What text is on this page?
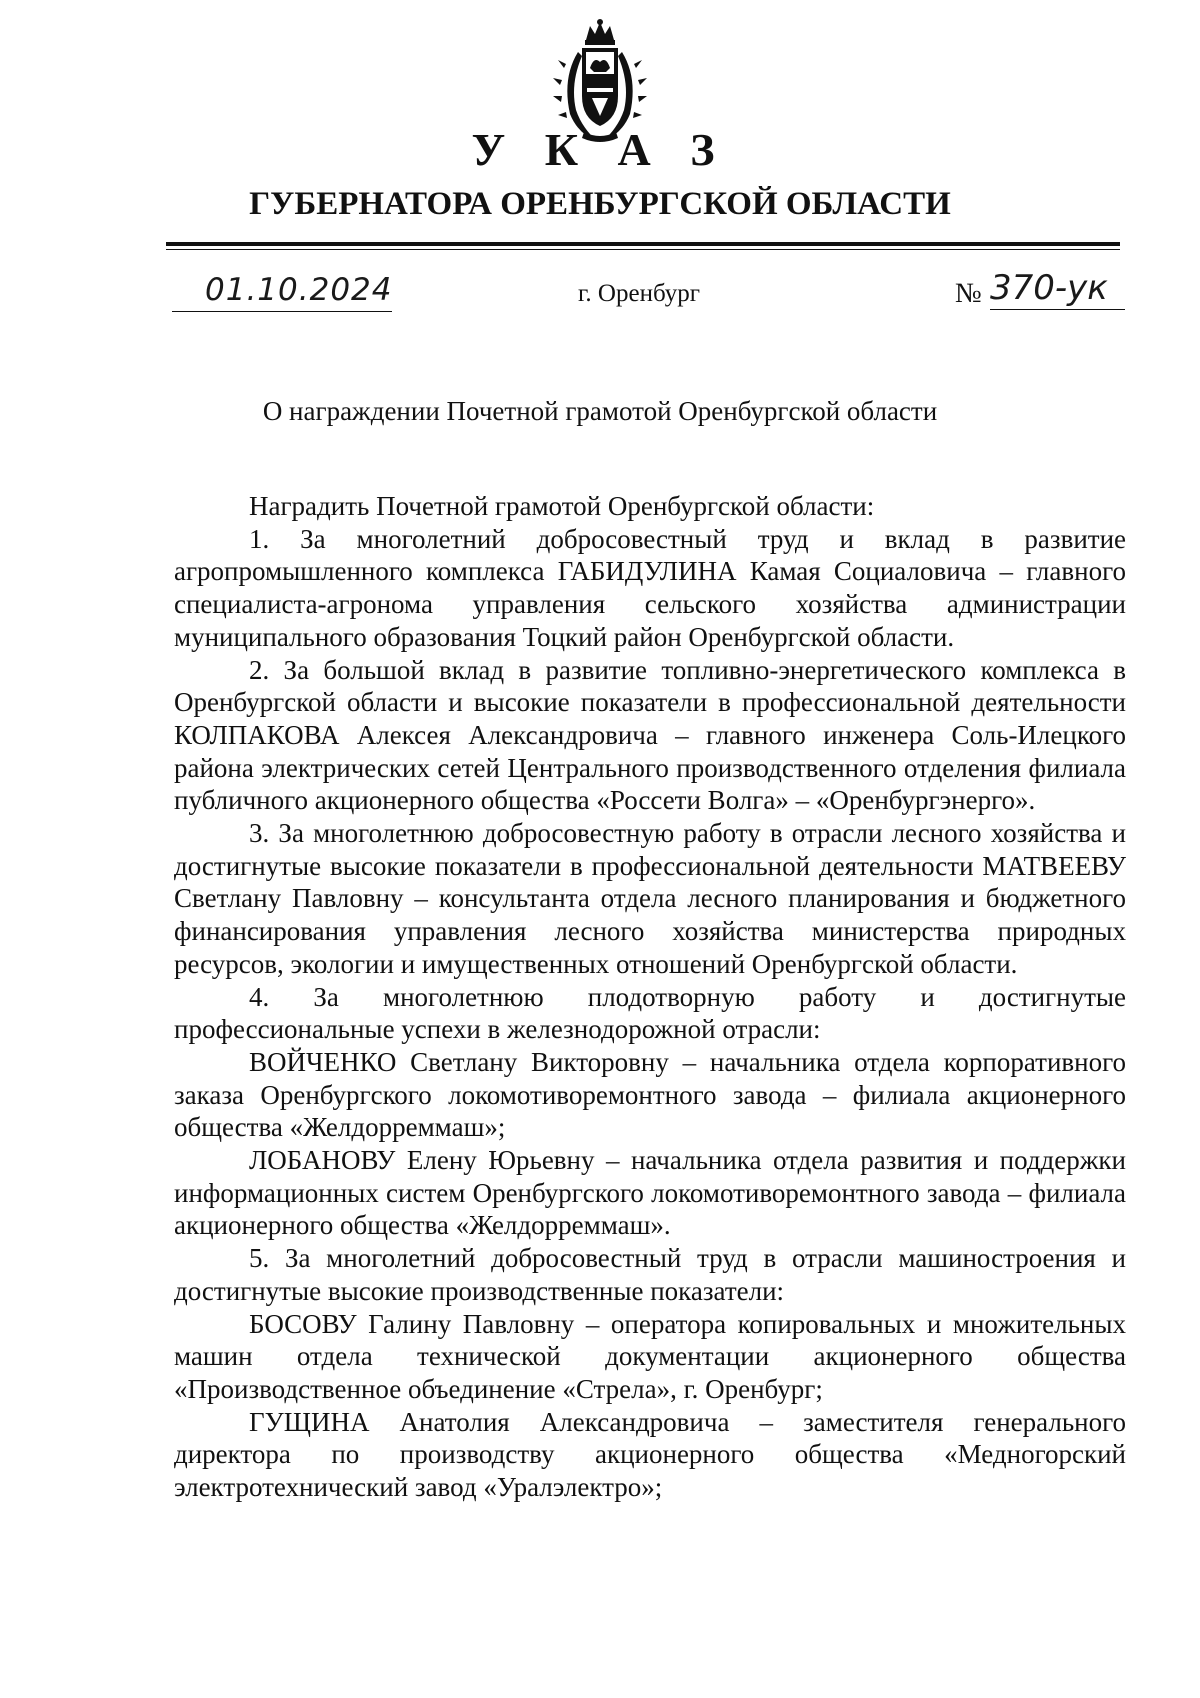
У К А З
ГУБЕРНАТОРА ОРЕНБУРГСКОЙ ОБЛАСТИ
01.10.2024	г. Оренбург	№ 370-ук
О награждении Почетной грамотой Оренбургской области

Наградить Почетной грамотой Оренбургской области:

1. За многолетний добросовестный труд и вклад в развитие агропромышленного комплекса ГАБИДУЛИНА Камая Социаловича – главного специалиста-агронома управления сельского хозяйства администрации муниципального образования Тоцкий район Оренбургской области.

2. За большой вклад в развитие топливно-энергетического комплекса в Оренбургской области и высокие показатели в профессиональной деятельности КОЛПАКОВА Алексея Александровича – главного инженера Соль-Илецкого района электрических сетей Центрального производственного отделения филиала публичного акционерного общества «Россети Волга» – «Оренбургэнерго».

3. За многолетнюю добросовестную работу в отрасли лесного хозяйства и достигнутые высокие показатели в профессиональной деятельности МАТВЕЕВУ Светлану Павловну – консультанта отдела лесного планирования и бюджетного финансирования управления лесного хозяйства министерства природных ресурсов, экологии и имущественных отношений Оренбургской области.

4. За многолетнюю плодотворную работу и достигнутые профессиональные успехи в железнодорожной отрасли:

ВОЙЧЕНКО Светлану Викторовну – начальника отдела корпоративного заказа Оренбургского локомотиворемонтного завода – филиала акционерного общества «Желдорреммаш»;

ЛОБАНОВУ Елену Юрьевну – начальника отдела развития и поддержки информационных систем Оренбургского локомотиворемонтного завода – филиала акционерного общества «Желдорреммаш».

5. За многолетний добросовестный труд в отрасли машиностроения и достигнутые высокие производственные показатели:

БОСОВУ Галину Павловну – оператора копировальных и множительных машин отдела технической документации акционерного общества «Производственное объединение «Стрела», г. Оренбург;

ГУЩИНА Анатолия Александровича – заместителя генерального директора по производству акционерного общества «Медногорский электротехнический завод «Уралэлектро»;
